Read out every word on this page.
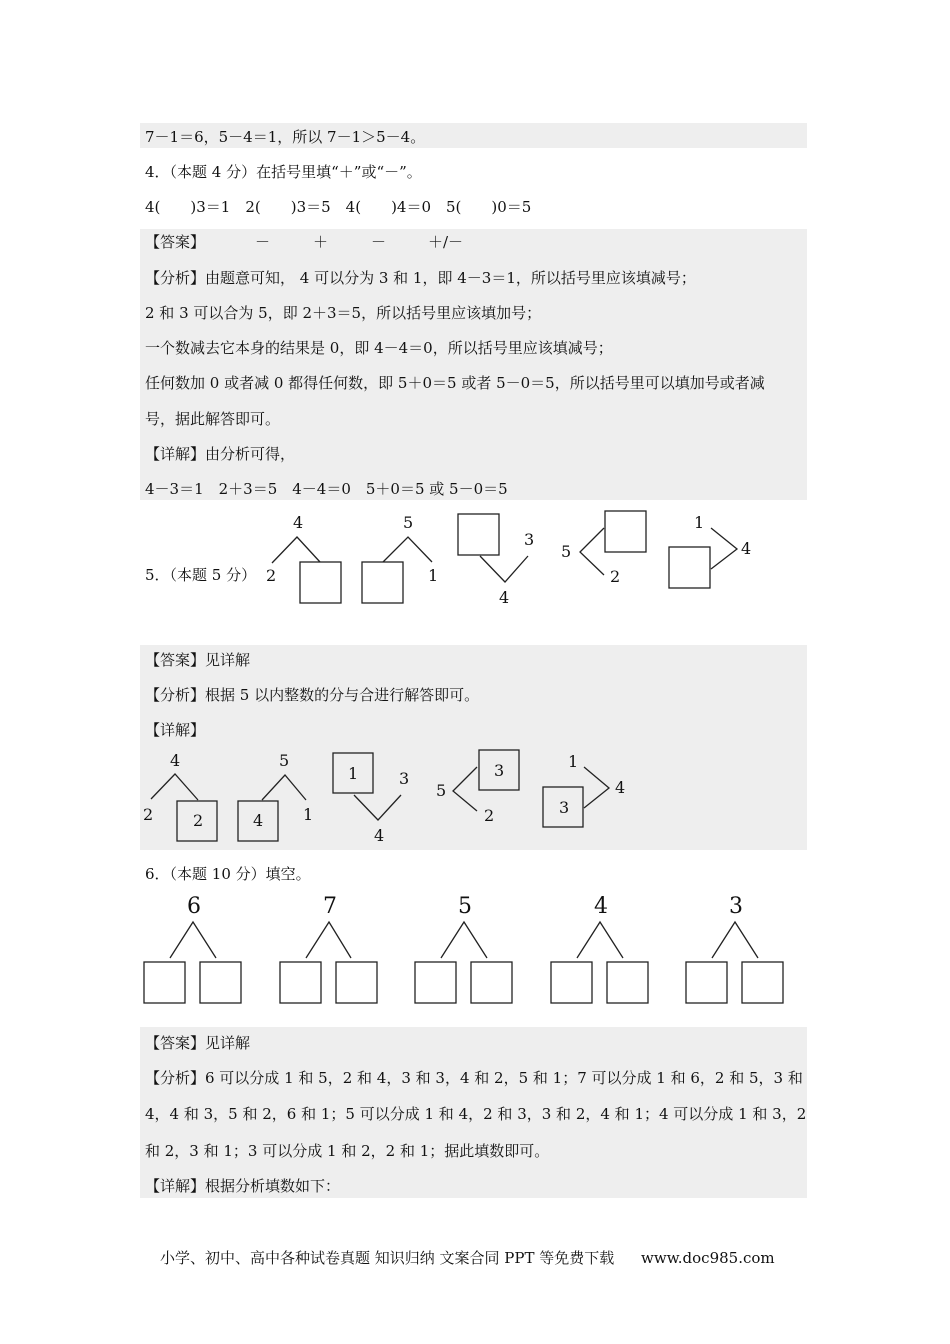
7－1＝6，5－4＝1，所以 7－1＞5－4。
4．（本题 4 分）在括号里填“＋”或“－”。
4(　　)3＝1　2(　　)3＝5　4(　　)4＝0　5(　　)0＝5
【答案】	－	＋	－	＋/－
【分析】由题意可知， 4 可以分为 3 和 1，即 4－3＝1，所以括号里应该填减号；
2 和 3 可以合为 5，即 2＋3＝5，所以括号里应该填加号；
一个数减去它本身的结果是 0，即 4－4＝0，所以括号里应该填减号；
任何数加 0 或者减 0 都得任何数，即 5＋0＝5 或者 5－0＝5，所以括号里可以填加号或者减
号，据此解答即可。
【详解】由分析可得，
4－3＝1　2＋3＝5　4－4＝0　5＋0＝5 或 5－0＝5
5．（本题 5 分）
4
2
5
1
3
4
5
2
1
4
【答案】见详解
【分析】根据 5 以内整数的分与合进行解答即可。
【详解】
4
2 2
5
4 1
1	3
4
5
3
2
1
3
4
6．（本题 10 分）填空。
6	7	5	4	3
【答案】见详解
【分析】6 可以分成 1 和 5，2 和 4，3 和 3，4 和 2，5 和 1；7 可以分成 1 和 6，2 和 5，3 和
4，4 和 3，5 和 2，6 和 1；5 可以分成 1 和 4，2 和 3，3 和 2，4 和 1；4 可以分成 1 和 3，2
和 2，3 和 1；3 可以分成 1 和 2，2 和 1；据此填数即可。
【详解】根据分析填数如下：
小学、初中、高中各种试卷真题 知识归纳 文案合同 PPT 等免费下载 www.doc985.com
